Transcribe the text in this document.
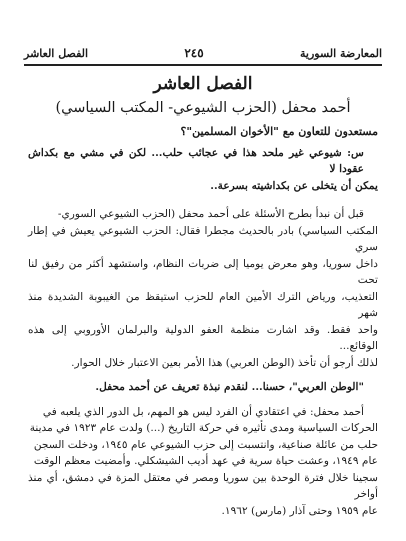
المعارضة السورية
٢٤٥
الفصل العاشر
الفصل العاشر
أحمد محفل (الحزب الشيوعي- المكتب السياسي)

مستعدون للتعاون مع "الأخوان المسلمين"؟

س: شيوعي غير ملحد هذا في عجائب حلب... لكن في مشي مع بكداش عقودا لا

يمكن أن يتخلى عن بكداشيته بسرعة..

قبل أن نبدأ بطرح الأسئلة على أحمد محفل (الحزب الشيوعي السوري-

المكتب السياسي) بادر بالحديث مجطرا فقال: الحزب الشيوعي يعيش في إطار سري

داخل سوريا، وهو معرض يوميا إلى ضربات النظام، واستشهد أكثر من رفيق لنا تحت

التعذيب، ورياض الترك الأمين العام للحزب استيقظ من الغيبوبة الشديدة منذ شهر

واحد فقط. وقد اشارت منظمة العفو الدولية والبرلمان الأوروبي إلى هذه الوقائع...

لذلك أرجو أن تأخذ (الوطن العربي) هذا الأمر بعين الاعتبار خلال الحوار.

"الوطن العربي"، حسنا... لنقدم نبذة تعريف عن أحمد محفل.

أحمد محفل: في اعتقادي أن الفرد ليس هو المهم، بل الدور الذي يلعبه في

الحركات السياسية ومدى تأثيره في حركة التاريخ (...) ولدت عام ١٩٢٣ في مدينة

حلب من عائلة صناعية، وانتسبت إلى حزب الشيوعي عام ١٩٤٥، ودخلت السجن

عام ١٩٤٩، وعشت حياة سرية في عهد أديب الشيشكلي. وأمضيت معظم الوقت

سجينا خلال فترة الوحدة بين سوريا ومصر في معتقل المزة في دمشق، أي منذ أواخر

عام ١٩٥٩ وحتى آذار (مارس) ١٩٦٢.
